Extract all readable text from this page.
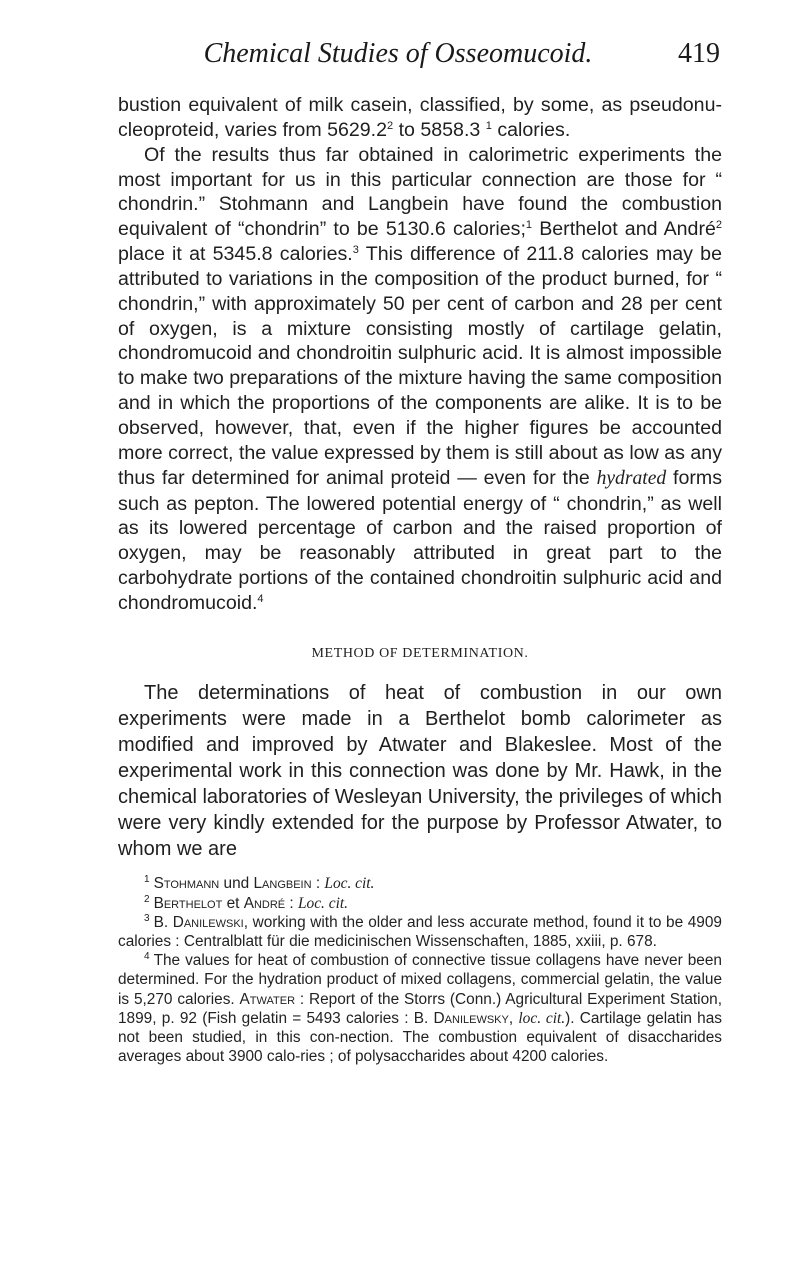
Chemical Studies of Osseomucoid.	419

bustion equivalent of milk casein, classified, by some, as pseudonu-cleoproteid, varies from 5629.2$^2$ to 5858.3 $^1$ calories.

Of the results thus far obtained in calorimetric experiments the most important for us in this particular connection are those for “ chondrin.” Stohmann and Langbein have found the combustion equivalent of “chondrin” to be 5130.6 calories;$^1$ Berthelot and André$^2$ place it at 5345.8 calories.$^3$ This difference of 211.8 calories may be attributed to variations in the composition of the product burned, for “ chondrin,” with approximately 50 per cent of carbon and 28 per cent of oxygen, is a mixture consisting mostly of cartilage gelatin, chondromucoid and chondroitin sulphuric acid. It is almost impossible to make two preparations of the mixture having the same composition and in which the proportions of the components are alike. It is to be observed, however, that, even if the higher figures be accounted more correct, the value expressed by them is still about as low as any thus far determined for animal proteid — even for the hydrated forms such as pepton. The lowered potential energy of “ chondrin,” as well as its lowered percentage of carbon and the raised proportion of oxygen, may be reasonably attributed in great part to the carbohydrate portions of the contained chondroitin sulphuric acid and chondromucoid.$^4$

METHOD OF DETERMINATION.

The determinations of heat of combustion in our own experiments were made in a Berthelot bomb calorimeter as modified and improved by Atwater and Blakeslee. Most of the experimental work in this connection was done by Mr. Hawk, in the chemical laboratories of Wesleyan University, the privileges of which were very kindly extended for the purpose by Professor Atwater, to whom we are

$^1$ Stohmann und Langbein : Loc. cit.

$^2$ Berthelot et André : Loc. cit.

$^3$ B. Danilewski, working with the older and less accurate method, found it to be 4909 calories : Centralblatt für die medicinischen Wissenschaften, 1885, xxiii, p. 678.

$^4$ The values for heat of combustion of connective tissue collagens have never been determined. For the hydration product of mixed collagens, commercial gelatin, the value is 5,270 calories. Atwater : Report of the Storrs (Conn.) Agricultural Experiment Station, 1899, p. 92 (Fish gelatin = 5493 calories : B. Danilewsky, loc. cit.). Cartilage gelatin has not been studied, in this con-nection. The combustion equivalent of disaccharides averages about 3900 calo-ries ; of polysaccharides about 4200 calories.
